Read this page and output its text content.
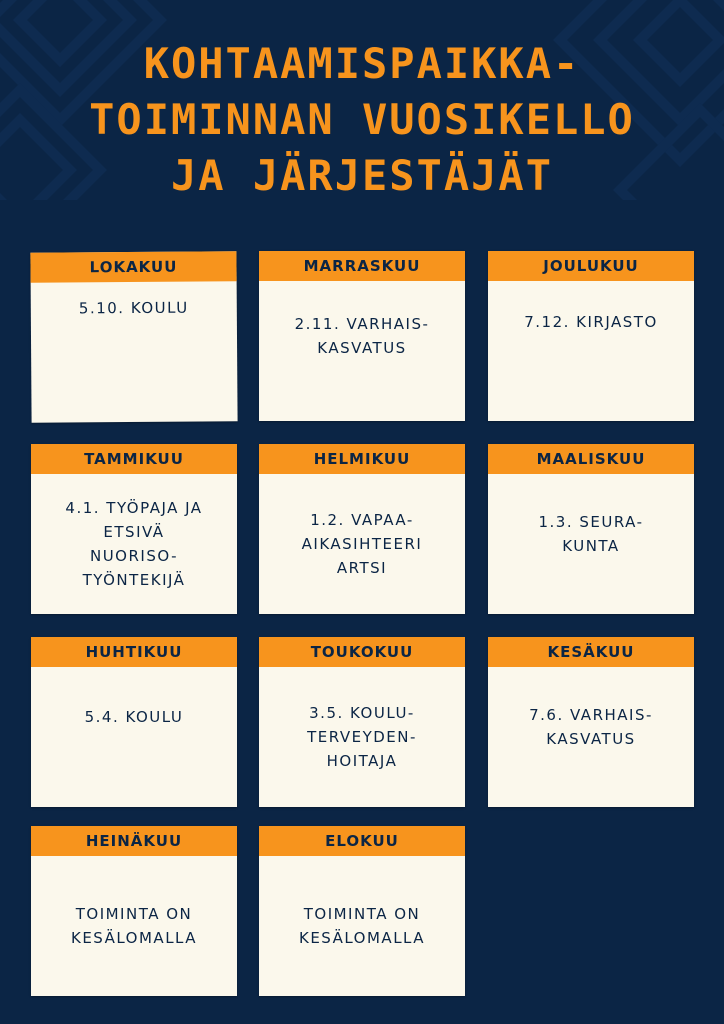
KOHTAAMISPAIKKA-
TOIMINNAN VUOSIKELLO
JA JÄRJESTÄJÄT
LOKAKUU
5.10. KOULU
MARRASKUU
2.11. VARHAIS-
KASVATUS
JOULUKUU
7.12. KIRJASTO
TAMMIKUU
4.1. TYÖPAJA JA
ETSIVÄ
NUORISO-
TYÖNTEKIJÄ
HELMIKUU
1.2. VAPAA-
AIKASIHTEERI
ARTSI
MAALISKUU
1.3. SEURA-
KUNTA
HUHTIKUU
5.4. KOULU
TOUKOKUU
3.5. KOULU-
TERVEYDEN-
HOITAJA
KESÄKUU
7.6. VARHAIS-
KASVATUS
HEINÄKUU
TOIMINTA ON
KESÄLOMALLA
ELOKUU
TOIMINTA ON
KESÄLOMALLA
